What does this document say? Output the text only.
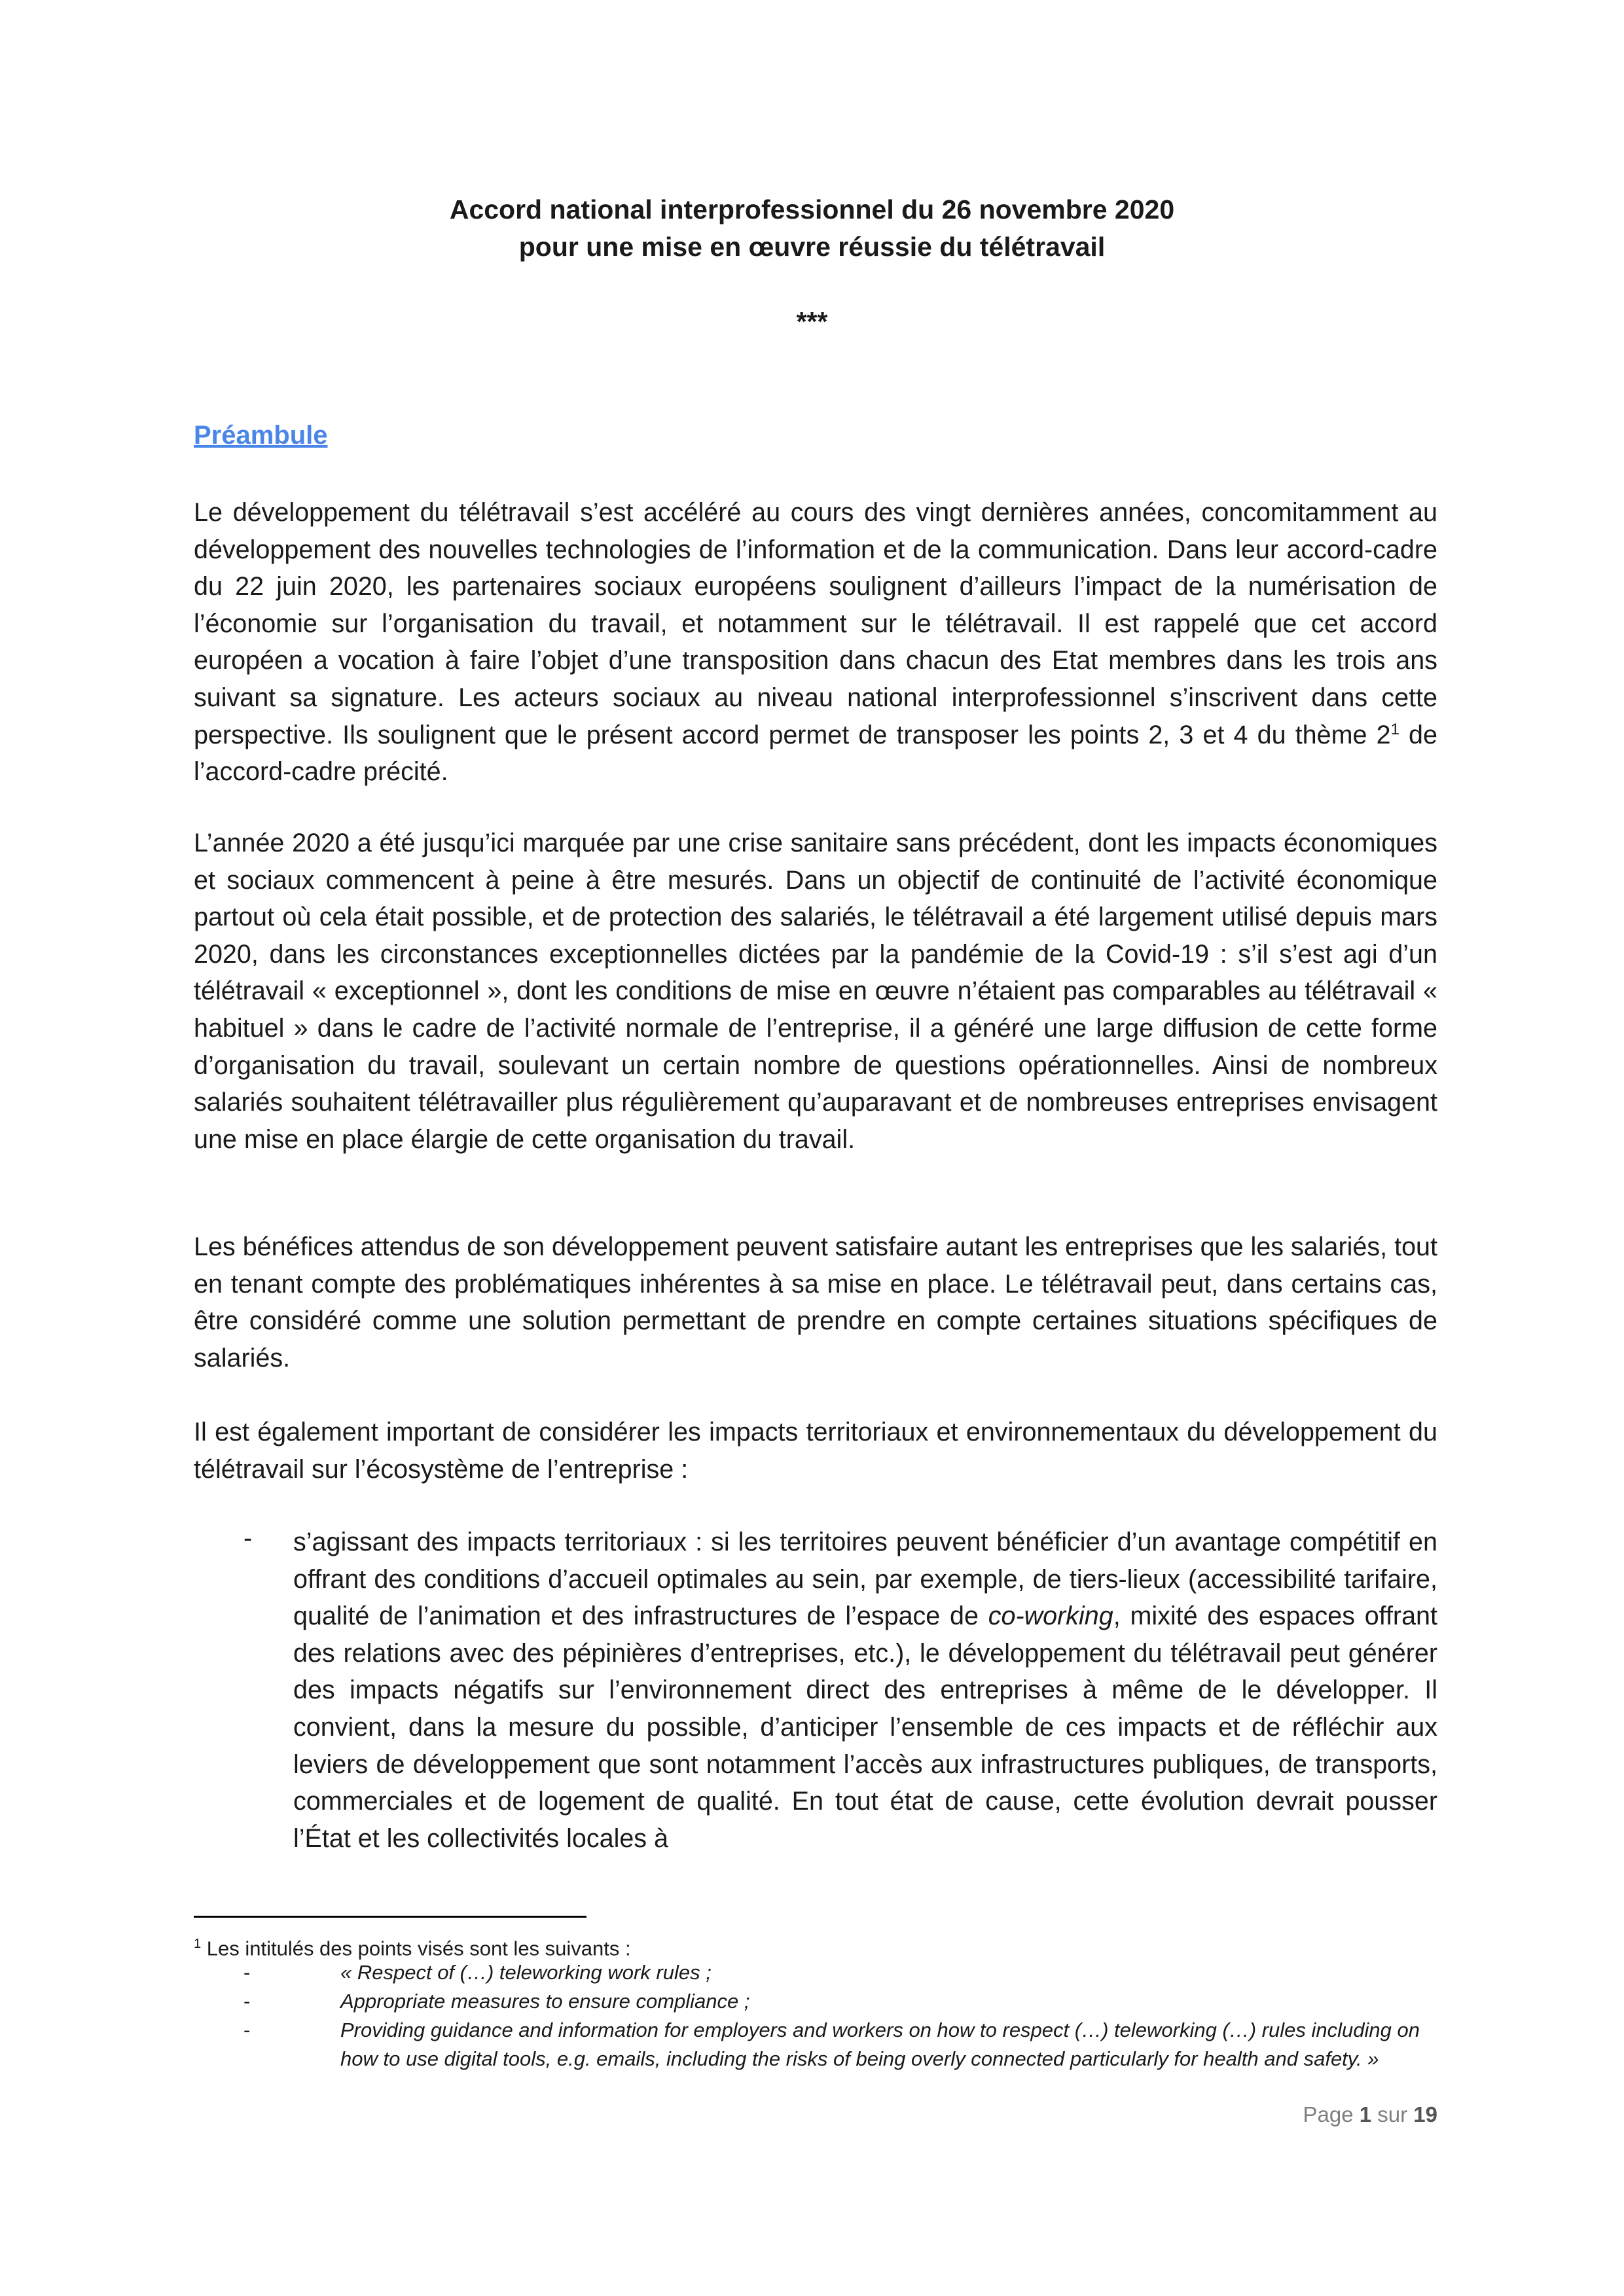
Accord national interprofessionnel du 26 novembre 2020
pour une mise en œuvre réussie du télétravail
***
Préambule
Le développement du télétravail s’est accéléré au cours des vingt dernières années, concomitamment au développement des nouvelles technologies de l’information et de la communication. Dans leur accord-cadre du 22 juin 2020, les partenaires sociaux européens soulignent d’ailleurs l’impact de la numérisation de l’économie sur l’organisation du travail, et notamment sur le télétravail. Il est rappelé que cet accord européen a vocation à faire l’objet d’une transposition dans chacun des Etat membres dans les trois ans suivant sa signature. Les acteurs sociaux au niveau national interprofessionnel s’inscrivent dans cette perspective. Ils soulignent que le présent accord permet de transposer les points 2, 3 et 4 du thème $2^1$ de l’accord-cadre précité.
L’année 2020 a été jusqu’ici marquée par une crise sanitaire sans précédent, dont les impacts économiques et sociaux commencent à peine à être mesurés. Dans un objectif de continuité de l’activité économique partout où cela était possible, et de protection des salariés, le télétravail a été largement utilisé depuis mars 2020, dans les circonstances exceptionnelles dictées par la pandémie de la Covid-19 : s’il s’est agi d’un télétravail « exceptionnel », dont les conditions de mise en œuvre n’étaient pas comparables au télétravail « habituel » dans le cadre de l’activité normale de l’entreprise, il a généré une large diffusion de cette forme d’organisation du travail, soulevant un certain nombre de questions opérationnelles. Ainsi de nombreux salariés souhaitent télétravailler plus régulièrement qu’auparavant et de nombreuses entreprises envisagent une mise en place élargie de cette organisation du travail.
Les bénéfices attendus de son développement peuvent satisfaire autant les entreprises que les salariés, tout en tenant compte des problématiques inhérentes à sa mise en place. Le télétravail peut, dans certains cas, être considéré comme une solution permettant de prendre en compte certaines situations spécifiques de salariés.
Il est également important de considérer les impacts territoriaux et environnementaux du développement du télétravail sur l’écosystème de l’entreprise :
- s’agissant des impacts territoriaux : si les territoires peuvent bénéficier d’un avantage compétitif en offrant des conditions d’accueil optimales au sein, par exemple, de tiers-lieux (accessibilité tarifaire, qualité de l’animation et des infrastructures de l’espace de co-working, mixité des espaces offrant des relations avec des pépinières d’entreprises, etc.), le développement du télétravail peut générer des impacts négatifs sur l’environnement direct des entreprises à même de le développer. Il convient, dans la mesure du possible, d’anticiper l’ensemble de ces impacts et de réfléchir aux leviers de développement que sont notamment l’accès aux infrastructures publiques, de transports, commerciales et de logement de qualité. En tout état de cause, cette évolution devrait pousser l’État et les collectivités locales à
$^1$ Les intitulés des points visés sont les suivants :
-	« Respect of (…) teleworking work rules ;
-	Appropriate measures to ensure compliance ;
-	Providing guidance and information for employers and workers on how to respect (…) teleworking (…) rules including on how to use digital tools, e.g. emails, including the risks of being overly connected particularly for health and safety. »
Page 1 sur 19
